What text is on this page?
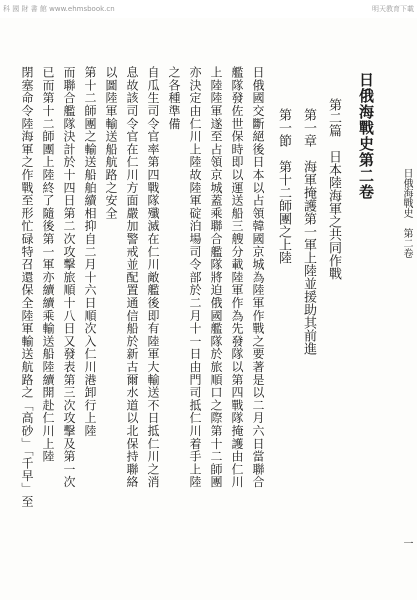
科 國 財 書 館 www.ehmsbook.cn	明天教育下載
日俄海戰史第二卷
第二篇　日本陸海軍之共同作戰
第一章　海軍掩護第一軍上陸並援助其前進
第一節　第十二師團之上陸
日俄國交斷絕後日本以占領韓國京城為陸軍作戰之要著是以二月六日當聯合
艦隊發佐世保時即以運送船三艘分載陸軍作為先發隊以第四戰隊掩護由仁川
上陸陸軍遂至占領京城蓋乘聯合艦隊將迫俄國艦隊於旅順口之際第十二師團
亦決定由仁川上陸故陸軍碇泊場司令部於二月十一日由門司抵仁川着手上陸
之各種準備
自瓜生司令官率第四戰隊殲滅在仁川敵艦後即有陸軍大輸送不日抵仁川之消
息故該司令官在仁川方面嚴加警戒並配置通信船於新古爾水道以北保持聯絡
以圖陸軍輸送船航路之安全
第十二師團之輸送船舶續相抑自二月十六日順次入仁川港卸行上陸
而聯合艦隊決計於十四日第二次攻擊旅順十八日又發表第三次攻擊及第一次
已而第十二師團上陸終了隨後第一軍亦續續乘輸送船陸續開赴仁川上陸
閉塞命令陸海軍之作戰至形忙碌特召還保全陸軍輸送航路之「高砂」「千早」至	日俄海戰史　第二卷
一
